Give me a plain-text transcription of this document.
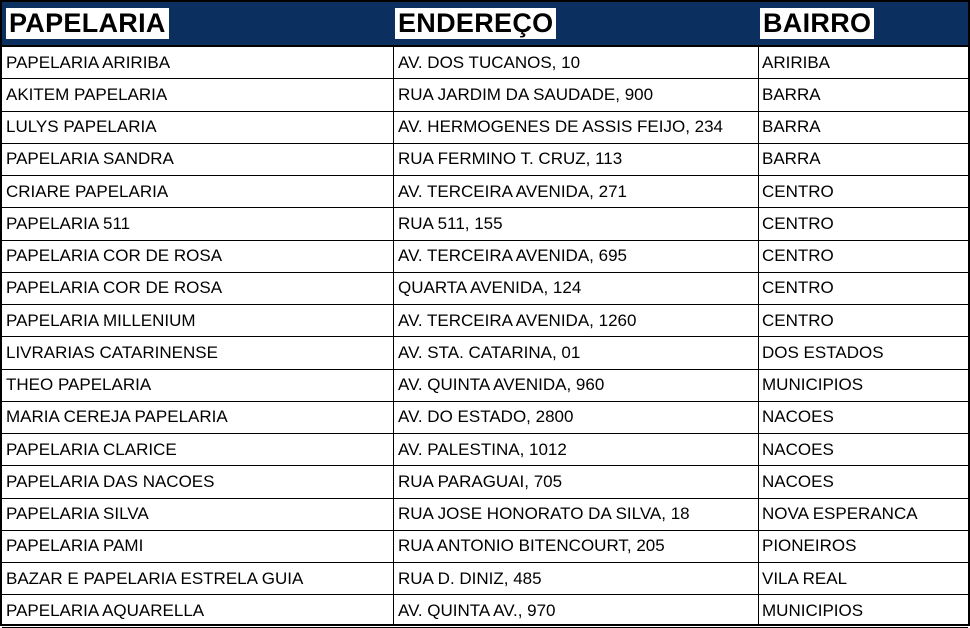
PAPELARIA	ENDEREÇO	BAIRRO
PAPELARIA ARIRIBA	AV. DOS TUCANOS, 10	ARIRIBA
AKITEM PAPELARIA	RUA JARDIM DA SAUDADE, 900	BARRA
LULYS PAPELARIA	AV. HERMOGENES DE ASSIS FEIJO, 234	BARRA
PAPELARIA SANDRA	RUA FERMINO T. CRUZ, 113	BARRA
CRIARE PAPELARIA	AV. TERCEIRA AVENIDA, 271	CENTRO
PAPELARIA 511	RUA 511, 155	CENTRO
PAPELARIA COR DE ROSA	AV. TERCEIRA AVENIDA, 695	CENTRO
PAPELARIA COR DE ROSA	QUARTA AVENIDA, 124	CENTRO
PAPELARIA MILLENIUM	AV. TERCEIRA AVENIDA, 1260	CENTRO
LIVRARIAS CATARINENSE	AV. STA. CATARINA, 01	DOS ESTADOS
THEO PAPELARIA	AV. QUINTA AVENIDA, 960	MUNICIPIOS
MARIA CEREJA PAPELARIA	AV. DO ESTADO, 2800	NACOES
PAPELARIA CLARICE	AV. PALESTINA, 1012	NACOES
PAPELARIA DAS NACOES	RUA PARAGUAI, 705	NACOES
PAPELARIA SILVA	RUA JOSE HONORATO DA SILVA, 18	NOVA ESPERANCA
PAPELARIA PAMI	RUA ANTONIO BITENCOURT, 205	PIONEIROS
BAZAR E PAPELARIA ESTRELA GUIA	RUA D. DINIZ, 485	VILA REAL
PAPELARIA AQUARELLA	AV. QUINTA AV., 970	MUNICIPIOS
